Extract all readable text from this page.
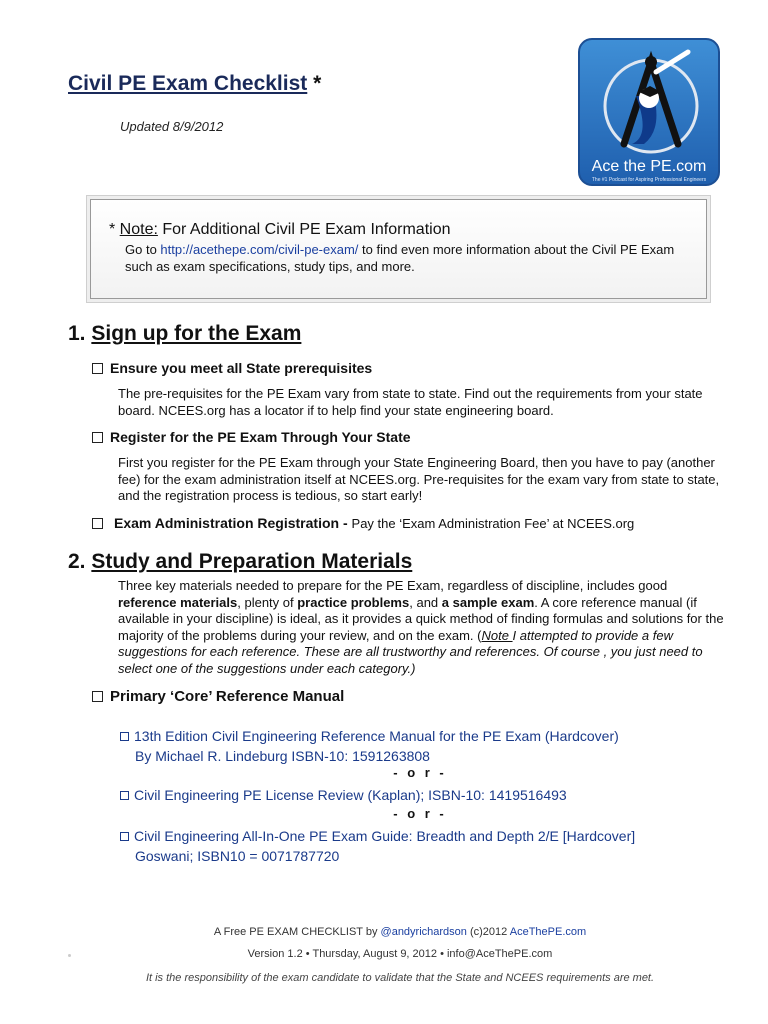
Civil PE Exam Checklist *
Updated 8/9/2012
Ace the PE.com
The #1 Podcast for Aspiring Professional Engineers
* Note: For Additional Civil PE Exam Information
Go to http://acethepe.com/civil-pe-exam/ to find even more information about the Civil PE Exam such as exam specifications, study tips, and more.
1. Sign up for the Exam
Ensure you meet all State prerequisites
The pre-requisites for the PE Exam vary from state to state. Find out the requirements from your state board. NCEES.org has a locator if to help find your state engineering board.
Register for the PE Exam Through Your State
First you register for the PE Exam through your State Engineering Board, then you have to pay (another fee) for the exam administration itself at NCEES.org. Pre-requisites for the exam vary from state to state, and the registration process is tedious, so start early!
Exam Administration Registration - Pay the ‘Exam Administration Fee’ at NCEES.org
2. Study and Preparation Materials
Three key materials needed to prepare for the PE Exam, regardless of discipline, includes good reference materials, plenty of practice problems, and a sample exam. A core reference manual (if available in your discipline) is ideal, as it provides a quick method of finding formulas and solutions for the majority of the problems during your review, and on the exam. (Note I attempted to provide a few suggestions for each reference. These are all trustworthy and references. Of course , you just need to select one of the suggestions under each category.)
Primary ‘Core’ Reference Manual
13th Edition Civil Engineering Reference Manual for the PE Exam (Hardcover)
By Michael R. Lindeburg ISBN-10: 1591263808
- o r -
Civil Engineering PE License Review (Kaplan); ISBN-10: 1419516493
- o r -
Civil Engineering All-In-One PE Exam Guide: Breadth and Depth 2/E [Hardcover]
Goswani; ISBN10 = 0071787720
A Free PE EXAM CHECKLIST by @andyrichardson (c)2012 AceThePE.com
Version 1.2 • Thursday, August 9, 2012 • info@AceThePE.com
It is the responsibility of the exam candidate to validate that the State and NCEES requirements are met.
